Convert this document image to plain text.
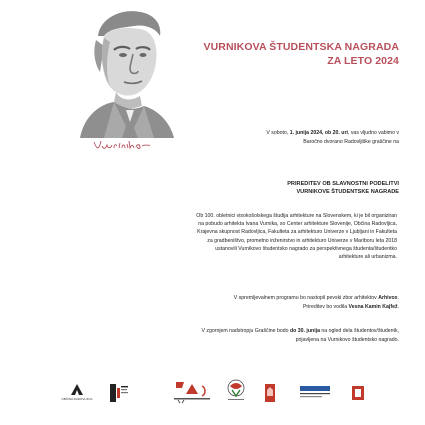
VURNIKOVA ŠTUDENTSKA NAGRADA
ZA LETO 2024
V soboto, 1. junija 2024, ob 20. uri, vas vljudno vabimo v
Baročno dvorano Radovljiške graščine na
PRIREDITEV OB SLAVNOSTNI PODELITVI
VURNIKOVE ŠTUDENTSKE NAGRADE
Ob 100. obletnici visokošolskega študija arhitekture na Slovenskem, ki je bil organiziran
na pobudo arhitekta Ivana Vurnika, so Center arhitekture Slovenije, Občina Radovljica,
Krajevna skupnost Radovljica, Fakulteta za arhitekturo Univerze v Ljubljani in Fakulteta
za gradbeništvo, prometno inženirstvo in arhitekturo Univerze v Mariboru leta 2018
ustanovili Vurnikovo študentsko nagrado za perspektivnega študenta/študentko
arhitekture ali urbanizma.
V spremljevalnem programu bo nastopil pevski zbor arhitektov Arhivox.
Prireditev bo vodila Vesna Kamin Kajfež.
V zgornjem nadstropju Graščine bodo do 30. junija na ogled dela študentov/študentk,
prijavljena na Vurnikovo študentsko nagrado.
OBČINA RADOVLJICA
